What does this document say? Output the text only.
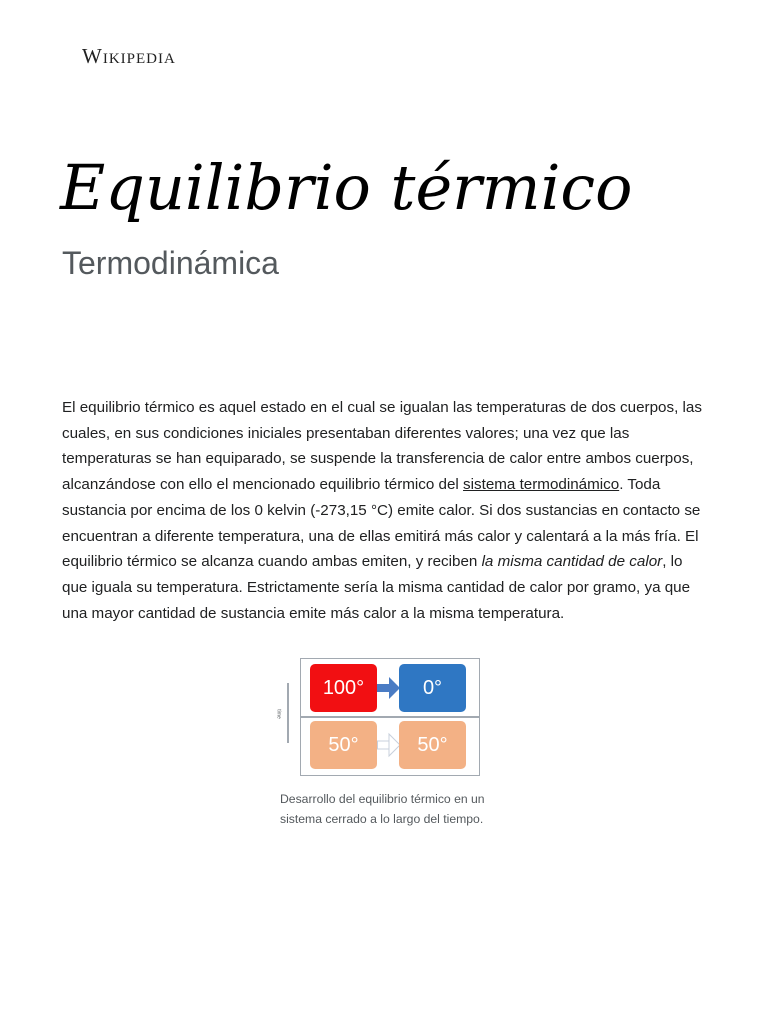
Wikipedia
Equilibrio térmico
Termodinámica

El equilibrio térmico es aquel estado en el cual se igualan las temperaturas de dos cuerpos, las cuales, en sus condiciones iniciales presentaban diferentes valores; una vez que las temperaturas se han equiparado, se suspende la transferencia de calor entre ambos cuerpos, alcanzándose con ello el mencionado equilibrio térmico del sistema termodinámico. Toda sustancia por encima de los 0 kelvin (-273,15 °C) emite calor. Si dos sustancias en contacto se encuentran a diferente temperatura, una de ellas emitirá más calor y calentará a la más fría. El equilibrio térmico se alcanza cuando ambas emiten, y reciben la misma cantidad de calor, lo que iguala su temperatura. Estrictamente sería la misma cantidad de calor por gramo, ya que una mayor cantidad de sustancia emite más calor a la misma temperatura.

time
100°	0°
50°	50°

Desarrollo del equilibrio térmico en un sistema cerrado a lo largo del tiempo.
